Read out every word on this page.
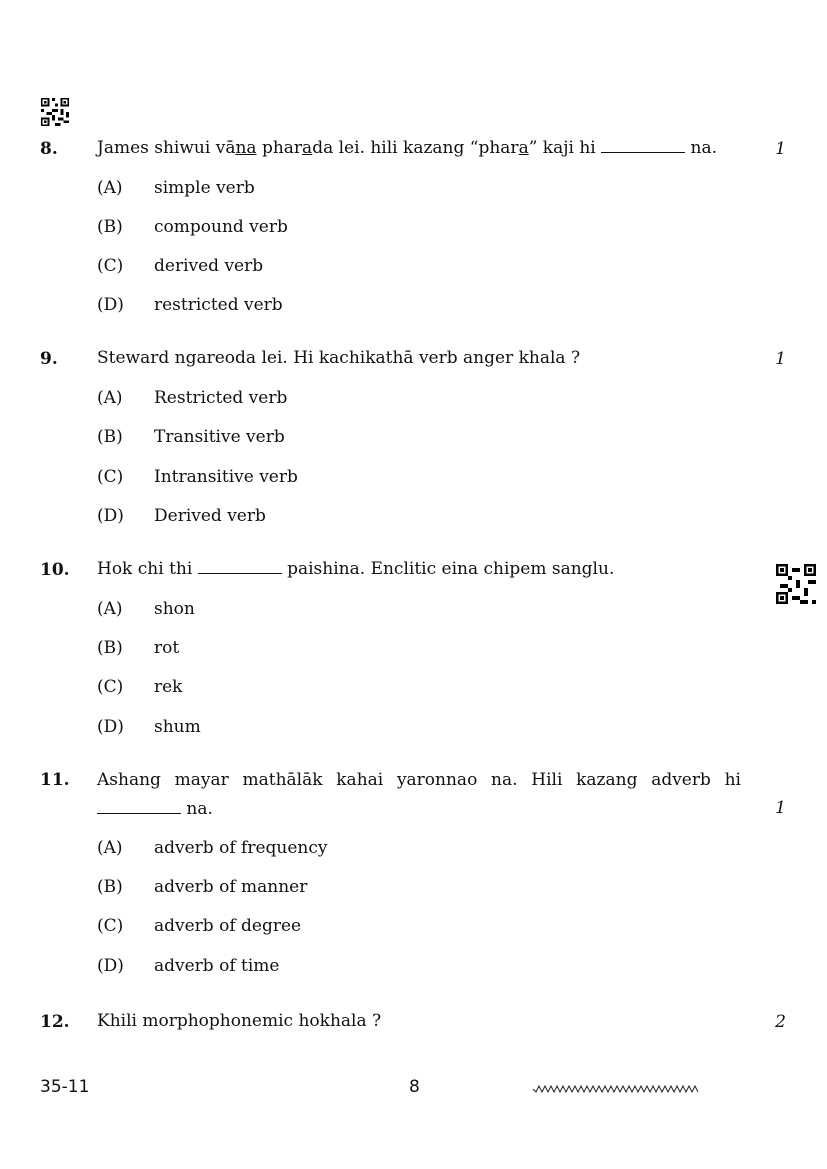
8. James shiwui vāna pharada lei. hili kazang “phara” kaji hi	na.	1
(A) simple verb
(B) compound verb
(C) derived verb
(D) restricted verb
9. Steward ngareoda lei. Hi kachikathā verb anger khala ?	1
(A) Restricted verb
(B) Transitive verb
(C) Intransitive verb
(D) Derived verb
10. Hok chi thi	paishina. Enclitic eina chipem sanglu.
(A) shon
(B) rot
(C) rek
(D) shum
11. Ashang mayar mathālāk kahai yaronnao na. Hili kazang adverb hi
na.	1
(A) adverb of frequency
(B) adverb of manner
(C) adverb of degree
(D) adverb of time
12. Khili morphophonemic hokhala ?	2
35-11	8
